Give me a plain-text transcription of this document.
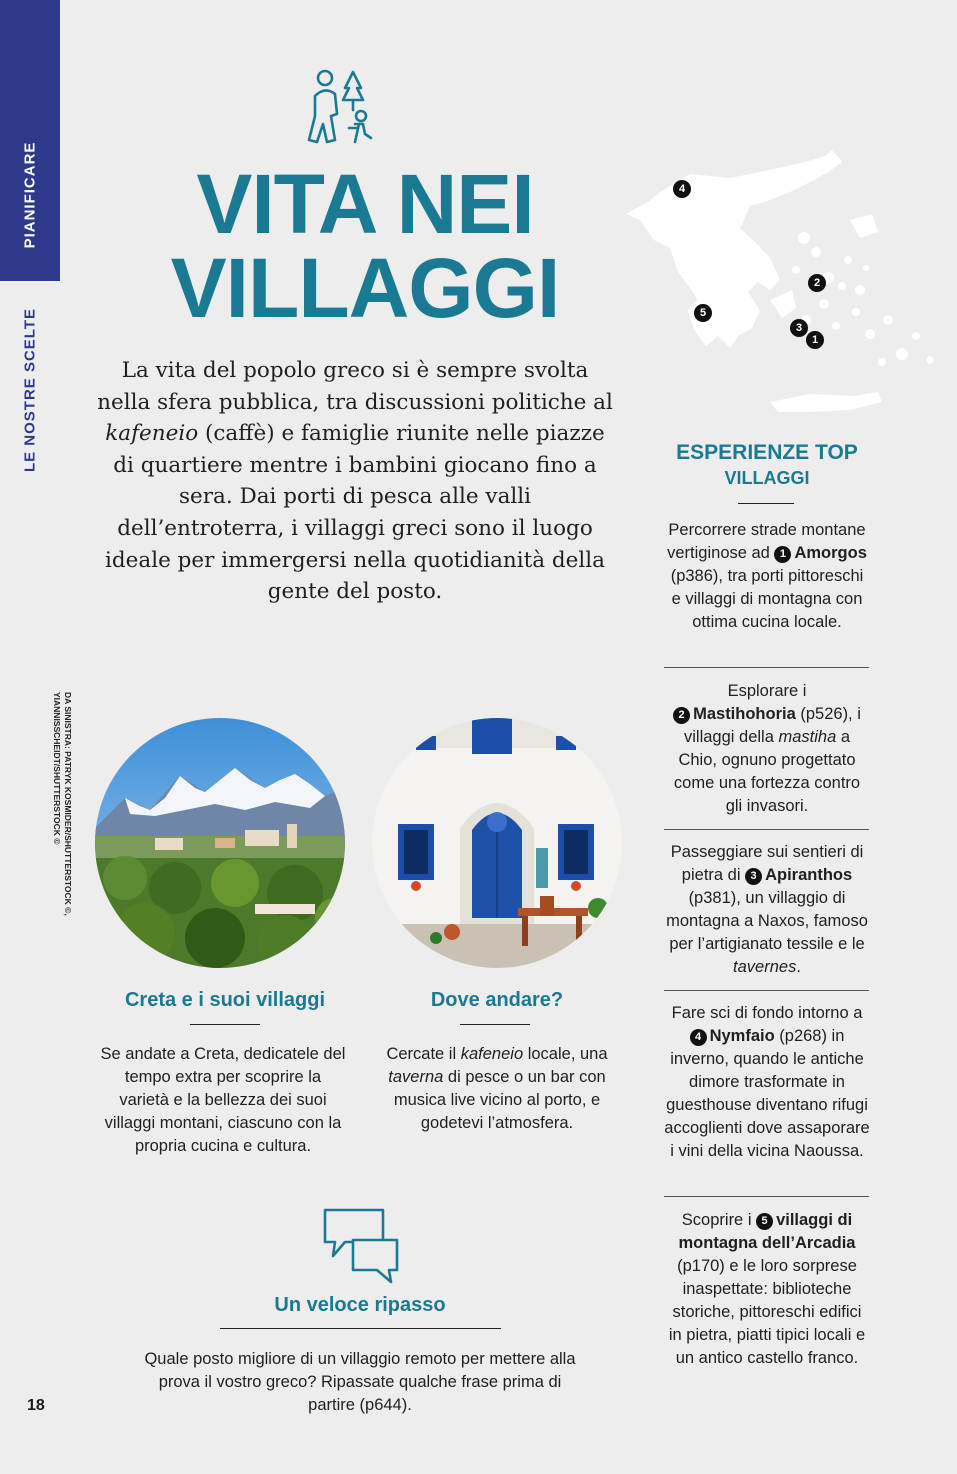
PIANIFICARE
LE NOSTRE SCELTE
DA SINISTRA: PATRYK KOSMIDER/SHUTTERSTOCK ©, YIANNISSCHEIDT/SHUTTERSTOCK ©
18
VITA NEI
VILLAGGI

La vita del popolo greco si è sempre svolta nella sfera pubblica, tra discussioni politiche al kafeneio (caffè) e famiglie riunite nelle piazze di quartiere mentre i bambini giocano fino a sera. Dai porti di pesca alle valli dell’entroterra, i villaggi greci sono il luogo ideale per immergersi nella quotidianità della gente del posto.

4
2
5
3
1
ESPERIENZE TOP
VILLAGGI
Percorrere strade montane vertiginose ad 1 Amorgos (p386), tra porti pittoreschi e villaggi di montagna con ottima cucina locale.
Esplorare i
2 Mastihohoria (p526), i villaggi della mastiha a Chio, ognuno progettato come una fortezza contro gli invasori.
Passeggiare sui sentieri di pietra di 3 Apiranthos (p381), un villaggio di montagna a Naxos, famoso per l’artigianato tessile e le tavernes.
Fare sci di fondo intorno a 4 Nymfaio (p268) in inverno, quando le antiche dimore trasformate in guesthouse diventano rifugi accoglienti dove assaporare i vini della vicina Naoussa.
Scoprire i 5 villaggi di montagna dell’Arcadia (p170) e le loro sorprese inaspettate: biblioteche storiche, pittoreschi edifici in pietra, piatti tipici locali e un antico castello franco.
Creta e i suoi villaggi

Se andate a Creta, dedicatele del tempo extra per scoprire la varietà e la bellezza dei suoi villaggi montani, ciascuno con la propria cucina e cultura.

Dove andare?

Cercate il kafeneio locale, una taverna di pesce o un bar con musica live vicino al porto, e godetevi l’atmosfera.

Un veloce ripasso

Quale posto migliore di un villaggio remoto per mettere alla prova il vostro greco? Ripassate qualche frase prima di partire (p644).
